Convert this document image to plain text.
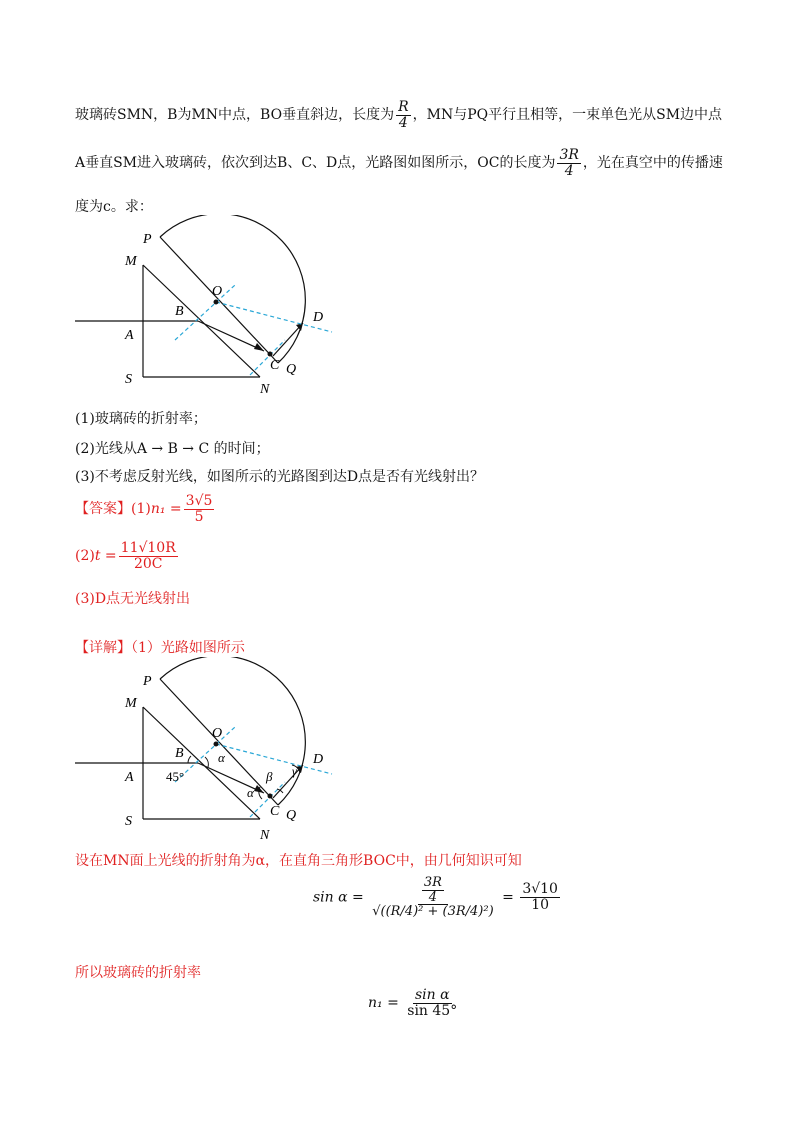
玻璃砖SMN，B为MN中点，BO垂直斜边，长度为 $\frac{R}{4}$ ，MN与PQ平行且相等，一束单色光从SM边中点
A垂直SM进入玻璃砖，依次到达B、C、D点，光路图如图所示，OC的长度为 $\frac{3R}{4}$ ，光在真空中的传播速
度为c。求：
P
M
O
D
B
A
C Q
S
N
(1)玻璃砖的折射率；
(2)光线从A → B → C 的时间；
(3)不考虑反射光线，如图所示的光路图到达D点是否有光线射出？
【答案】$(1)n_1 = \frac{3√5}{5}$
$(2)t = \frac{11√10R}{20C}$
(3)D点无光线射出
【详解】（1）光路如图所示
P
M
O
α	D
B
γ
β
45°
A
α
C Q
S
N
设在MN面上光线的折射角为α，在直角三角形BOC中，由几何知识可知
$\sin \alpha = \frac{\frac{3R}{4}}{\text{√((R/4)² + (3R/4)²)}} = \frac{3√10}{10}$
所以玻璃砖的折射率
$n_1 = \frac{\text{sin α}}{\sin 45^\circ}$
